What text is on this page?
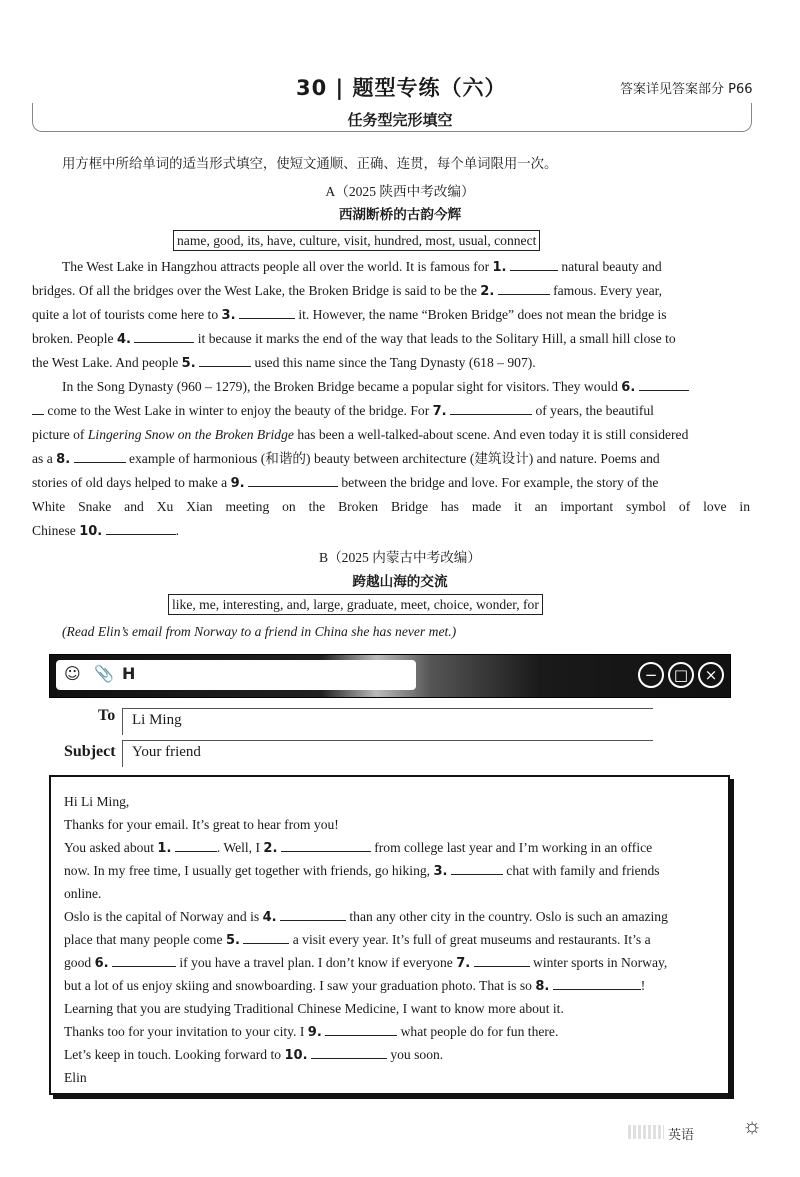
30 | 题型专练（六）	答案详见答案部分 P66
任务型完形填空
用方框中所给单词的适当形式填空，使短文通顺、正确、连贯，每个单词限用一次。
A（2025 陕西中考改编）
西湖断桥的古韵今辉
name, good, its, have, culture, visit, hundred, most, usual, connect
The West Lake in Hangzhou attracts people all over the world. It is famous for 1.	natural beauty and
bridges. Of all the bridges over the West Lake, the Broken Bridge is said to be the 2.	famous. Every year,
quite a lot of tourists come here to 3.	it. However, the name “Broken Bridge” does not mean the bridge is
broken. People 4.	it because it marks the end of the way that leads to the Solitary Hill, a small hill close to
the West Lake. And people 5.	used this name since the Tang Dynasty (618 – 907).
In the Song Dynasty (960 – 1279), the Broken Bridge became a popular sight for visitors. They would 6.
come to the West Lake in winter to enjoy the beauty of the bridge. For 7.	of years, the beautiful
picture of Lingering Snow on the Broken Bridge has been a well-talked-about scene. And even today it is still considered
as a 8.	example of harmonious (和谐的) beauty between architecture (建筑设计) and nature. Poems and
stories of old days helped to make a 9.	between the bridge and love. For example, the story of the
White Snake and Xu Xian meeting on the Broken Bridge has made it an important symbol of love in
Chinese 10.	.
B（2025 内蒙古中考改编）
跨越山海的交流
like, me, interesting, and, large, graduate, meet, choice, wonder, for
(Read Elin’s email from Norway to a friend in China she has never met.)
☺ 📎 H	−	□	×
To Li Ming
Subject Your friend
Hi Li Ming,
Thanks for your email. It’s great to hear from you!
You asked about 1.	. Well, I 2.	from college last year and I’m working in an office
now. In my free time, I usually get together with friends, go hiking, 3.	chat with family and friends
online.
Oslo is the capital of Norway and is 4.	than any other city in the country. Oslo is such an amazing
place that many people come 5.	a visit every year. It’s full of great museums and restaurants. It’s a
good 6.	if you have a travel plan. I don’t know if everyone 7.	winter sports in Norway,
but a lot of us enjoy skiing and snowboarding. I saw your graduation photo. That is so 8.	!
Learning that you are studying Traditional Chinese Medicine, I want to know more about it.
Thanks too for your invitation to your city. I 9.	what people do for fun there.
Let’s keep in touch. Looking forward to 10.	you soon.
Elin
英语 ☼
